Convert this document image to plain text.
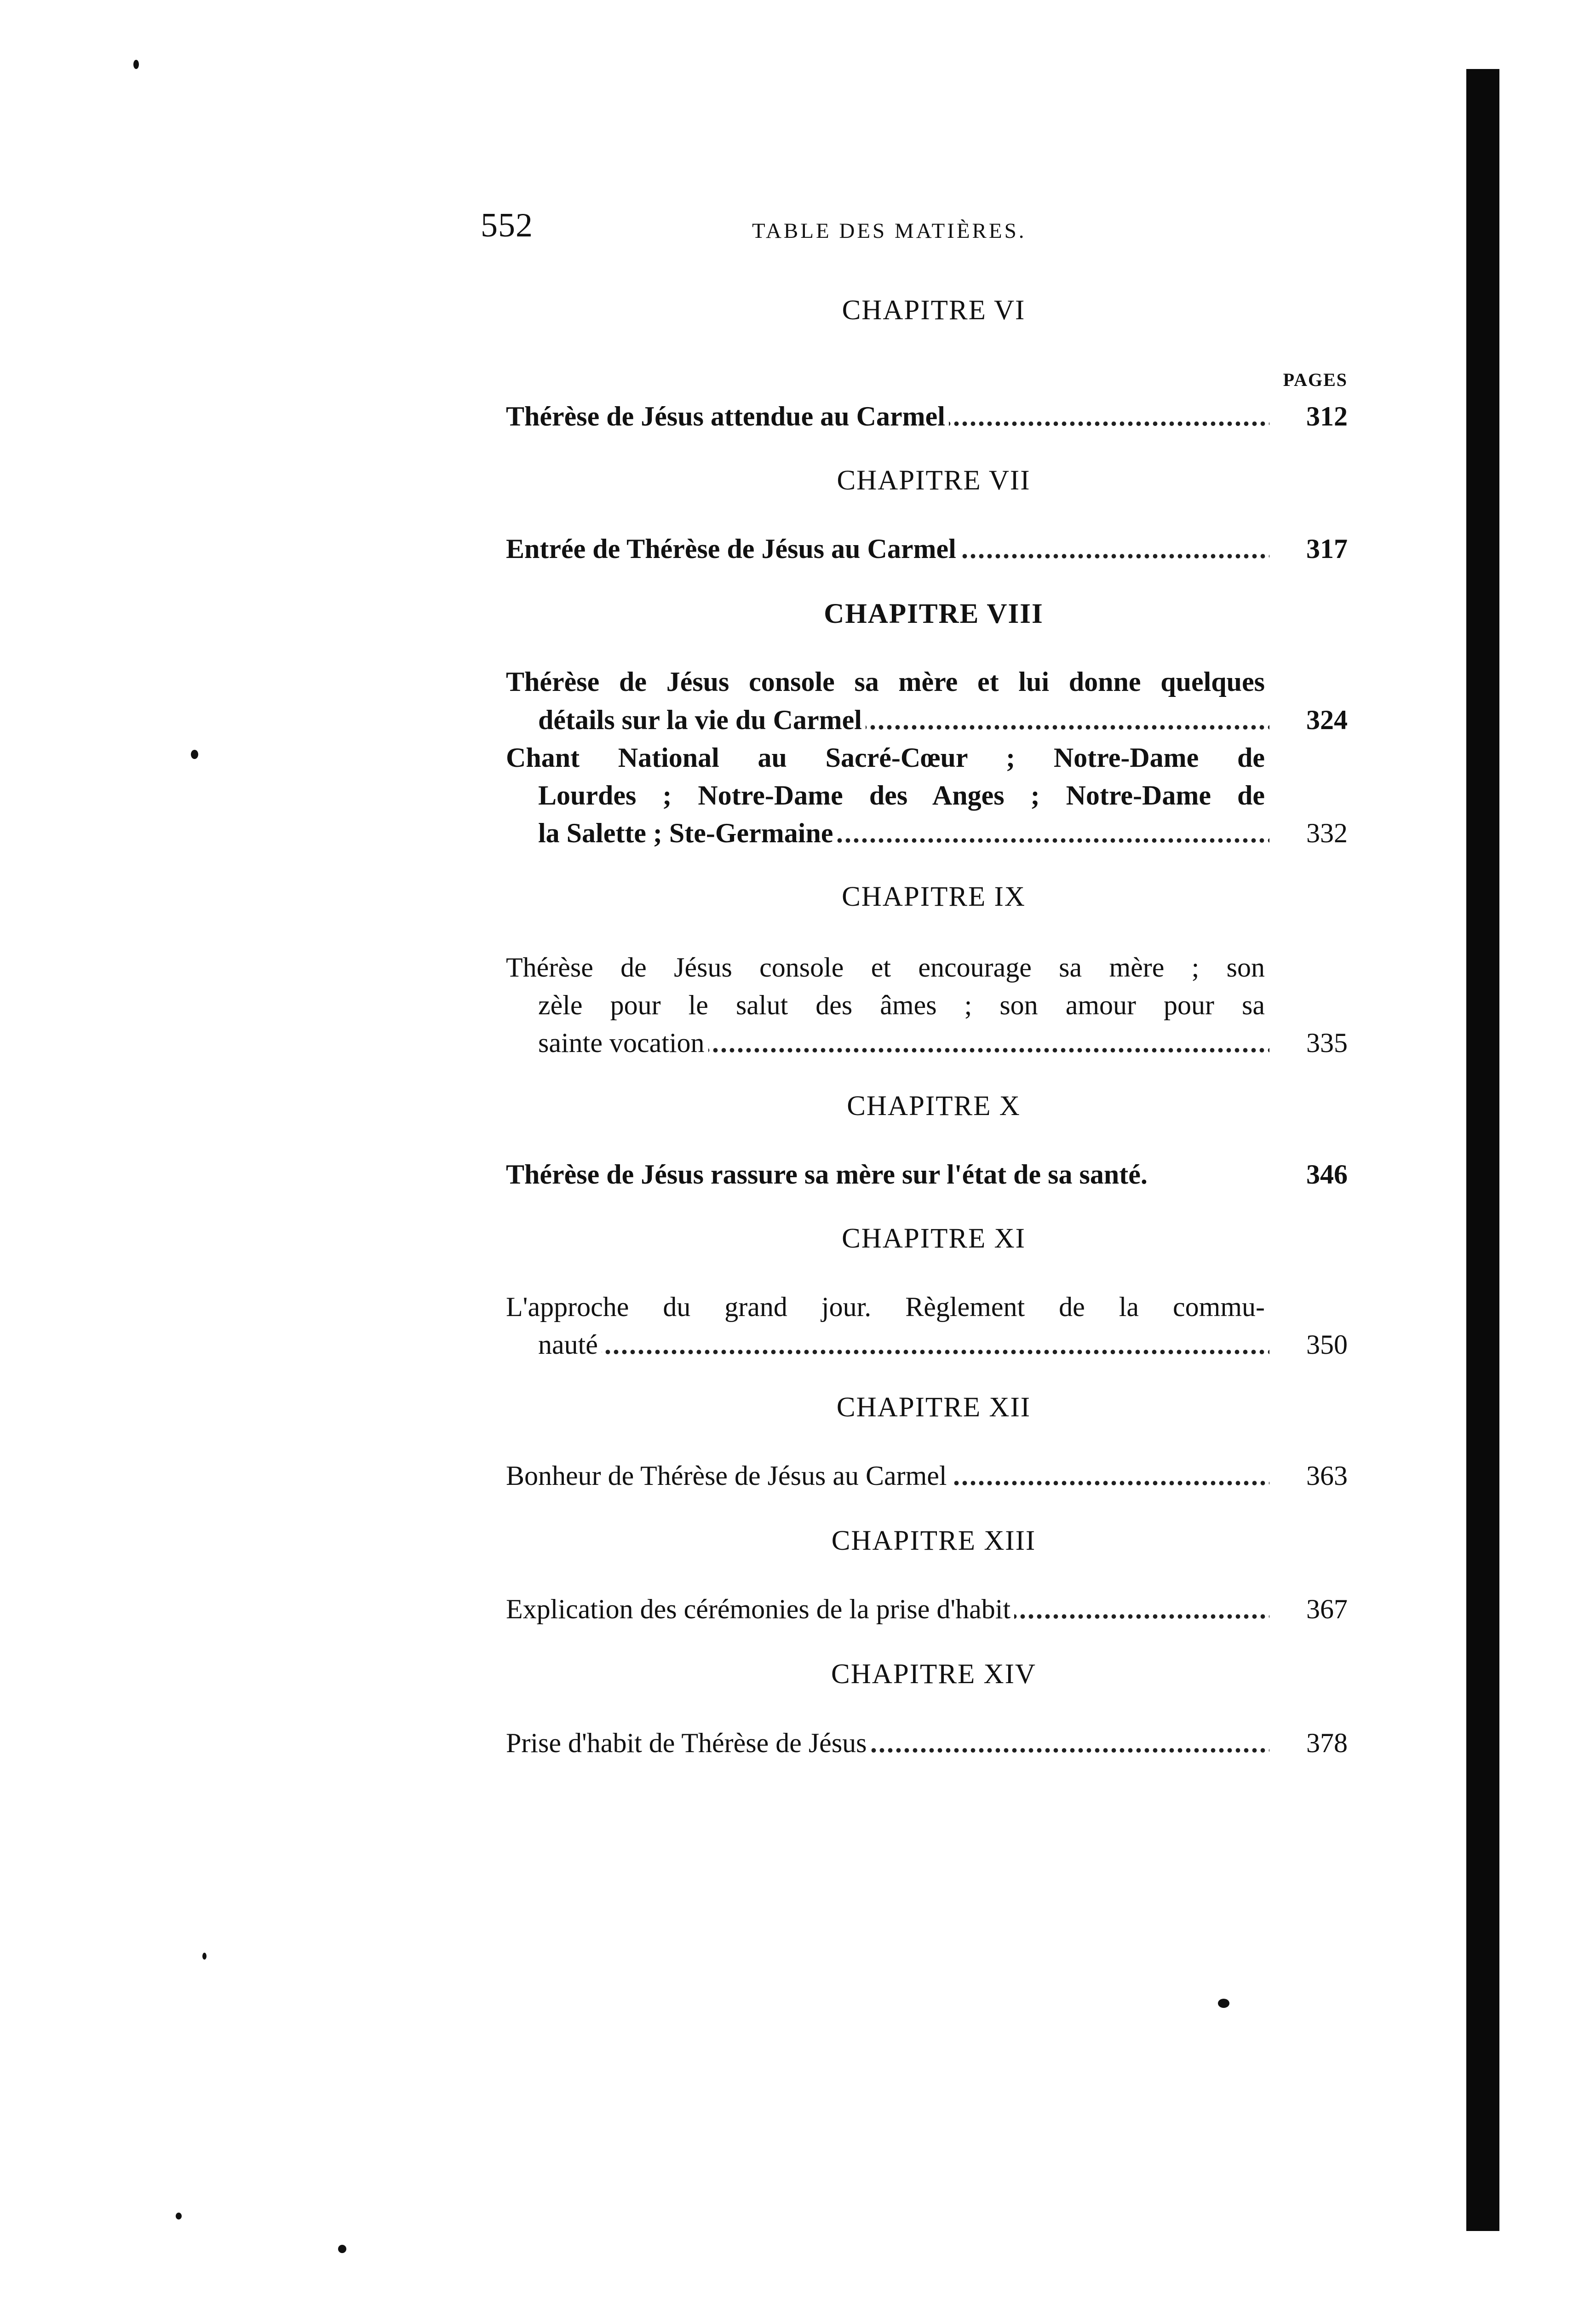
552	TABLE DES MATIÈRES.
CHAPITRE VI
PAGES
Thérèse de Jésus attendue au Carmel .....	312
CHAPITRE VII
Entrée de Thérèse de Jésus au Carmel .....	317
CHAPITRE VIII
Thérèse de Jésus console sa mère et lui donne quelques
détails sur la vie du Carmel .....	324
Chant National au Sacré-Cœur ; Notre-Dame de
Lourdes ; Notre-Dame des Anges ; Notre-Dame de
la Salette ; Ste-Germaine .....	332
CHAPITRE IX
Thérèse de Jésus console et encourage sa mère ; son
zèle pour le salut des âmes ; son amour pour sa
sainte vocation .....	335
CHAPITRE X
Thérèse de Jésus rassure sa mère sur l'état de sa santé.	346
CHAPITRE XI
L'approche du grand jour. Règlement de la commu-
nauté .....	350
CHAPITRE XII
Bonheur de Thérèse de Jésus au Carmel .....	363
CHAPITRE XIII
Explication des cérémonies de la prise d'habit .....	367
CHAPITRE XIV
Prise d'habit de Thérèse de Jésus .....	378
